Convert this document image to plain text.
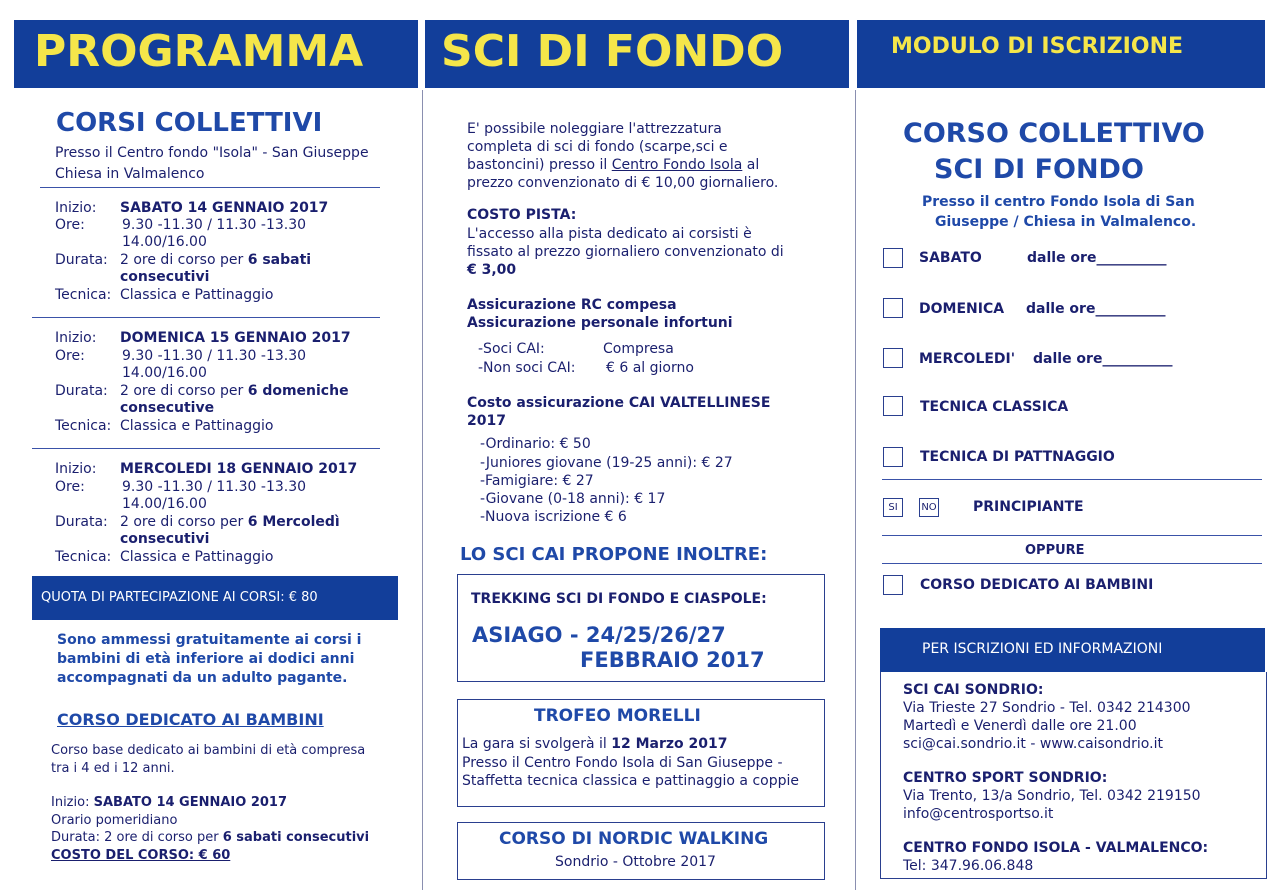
PROGRAMMA SCI DI FONDO	MODULO DI ISCRIZIONE
CORSI COLLETTIVI
Presso il Centro fondo "Isola" - San Giuseppe
Chiesa in Valmalenco
Inizio: SABATO 14 GENNAIO 2017
Ore:	9.30 -11.30 / 11.30 -13.30
14.00/16.00
Durata: 2 ore di corso per 6 sabati
consecutivi
Tecnica: Classica e Pattinaggio
Inizio: DOMENICA 15 GENNAIO 2017
Ore:	9.30 -11.30 / 11.30 -13.30
14.00/16.00
Durata: 2 ore di corso per 6 domeniche
consecutive
Tecnica: Classica e Pattinaggio
Inizio: MERCOLEDI 18 GENNAIO 2017
Ore:	9.30 -11.30 / 11.30 -13.30
14.00/16.00
Durata: 2 ore di corso per 6 Mercoledì
consecutivi
Tecnica: Classica e Pattinaggio
QUOTA DI PARTECIPAZIONE AI CORSI: € 80
Sono ammessi gratuitamente ai corsi i
bambini di età inferiore ai dodici anni
accompagnati da un adulto pagante.
CORSO DEDICATO AI BAMBINI
Corso base dedicato ai bambini di età compresa
tra i 4 ed i 12 anni.
Inizio: SABATO 14 GENNAIO 2017
Orario pomeridiano
Durata: 2 ore di corso per 6 sabati consecutivi
COSTO DEL CORSO: € 60
E' possibile noleggiare l'attrezzatura
completa di sci di fondo (scarpe,sci e
bastoncini) presso il Centro Fondo Isola al
prezzo convenzionato di € 10,00 giornaliero.
COSTO PISTA:
L'accesso alla pista dedicato ai corsisti è
fissato al prezzo giornaliero convenzionato di
€ 3,00
Assicurazione RC compesa
Assicurazione personale infortuni
-Soci CAI:	Compresa
-Non soci CAI: € 6 al giorno
Costo assicurazione CAI VALTELLINESE
2017
-Ordinario: € 50
-Juniores giovane (19-25 anni): € 27
-Famigiare: € 27
-Giovane (0-18 anni): € 17
-Nuova iscrizione € 6
LO SCI CAI PROPONE INOLTRE:
TREKKING SCI DI FONDO E CIASPOLE:
ASIAGO - 24/25/26/27
FEBBRAIO 2017
TROFEO MORELLI
La gara si svolgerà il 12 Marzo 2017
Presso il Centro Fondo Isola di San Giuseppe -
Staffetta tecnica classica e pattinaggio a coppie
CORSO DI NORDIC WALKING
Sondrio - Ottobre 2017
CORSO COLLETTIVO
SCI DI FONDO
Presso il centro Fondo Isola di San
Giuseppe / Chiesa in Valmalenco.
SABATO	dalle ore__________
DOMENICA dalle ore__________
MERCOLEDI' dalle ore__________
TECNICA CLASSICA
TECNICA DI PATTNAGGIO
SI	NO	PRINCIPIANTE
OPPURE
CORSO DEDICATO AI BAMBINI
PER ISCRIZIONI ED INFORMAZIONI
SCI CAI SONDRIO:
Via Trieste 27 Sondrio - Tel. 0342 214300
Martedì e Venerdì dalle ore 21.00
sci@cai.sondrio.it - www.caisondrio.it
CENTRO SPORT SONDRIO:
Via Trento, 13/a Sondrio, Tel. 0342 219150
info@centrosportso.it
CENTRO FONDO ISOLA - VALMALENCO:
Tel: 347.96.06.848
